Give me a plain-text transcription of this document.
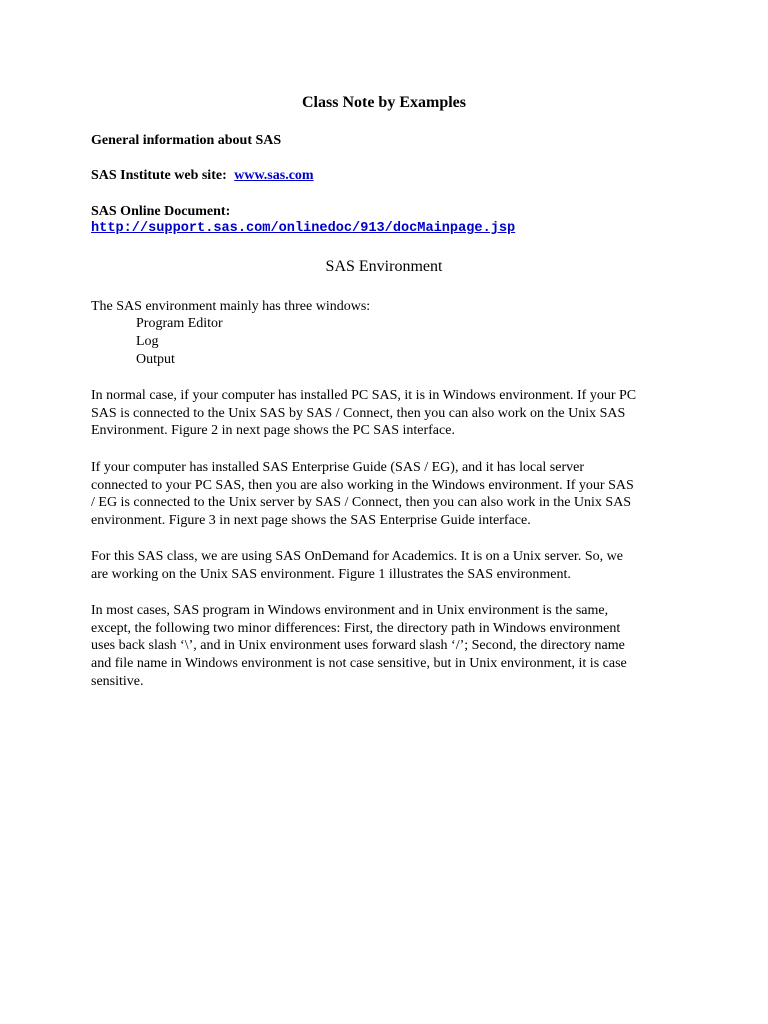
Class Note by Examples
General information about SAS
SAS Institute web site: www.sas.com
SAS Online Document:
http://support.sas.com/onlinedoc/913/docMainpage.jsp
SAS Environment
The SAS environment mainly has three windows:
Program Editor
Log
Output
In normal case, if your computer has installed PC SAS, it is in Windows environment. If your PC
SAS is connected to the Unix SAS by SAS / Connect, then you can also work on the Unix SAS
Environment. Figure 2 in next page shows the PC SAS interface.
If your computer has installed SAS Enterprise Guide (SAS / EG), and it has local server
connected to your PC SAS, then you are also working in the Windows environment. If your SAS
/ EG is connected to the Unix server by SAS / Connect, then you can also work in the Unix SAS
environment. Figure 3 in next page shows the SAS Enterprise Guide interface.
For this SAS class, we are using SAS OnDemand for Academics. It is on a Unix server. So, we
are working on the Unix SAS environment. Figure 1 illustrates the SAS environment.
In most cases, SAS program in Windows environment and in Unix environment is the same,
except, the following two minor differences: First, the directory path in Windows environment
uses back slash ‘\’, and in Unix environment uses forward slash ‘/’; Second, the directory name
and file name in Windows environment is not case sensitive, but in Unix environment, it is case
sensitive.
